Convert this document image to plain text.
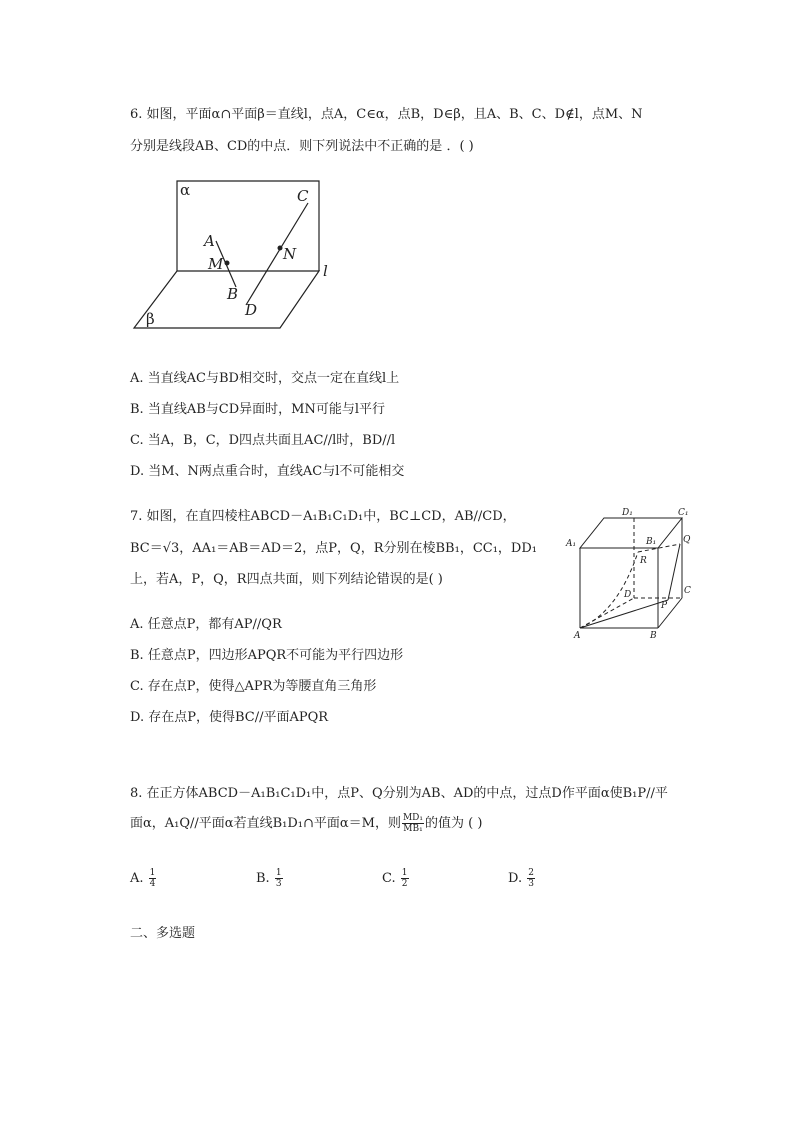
6. 如图，平面α∩平面β＝直线l，点A，C∈α，点B，D∈β，且A、B、C、D∉l，点M、N
分别是线段AB、CD的中点．则下列说法中不正确的是 ．( )
α
β
l
A
M
B
C
N
D
A. 当直线AC与BD相交时，交点一定在直线l上
B. 当直线AB与CD异面时，MN可能与l平行
C. 当A，B，C，D四点共面且AC//l时，BD//l
D. 当M、N两点重合时，直线AC与l不可能相交
7. 如图，在直四棱柱ABCD－A₁B₁C₁D₁中，BC⊥CD，AB//CD，
BC＝√3，AA₁＝AB＝AD＝2，点P，Q，R分别在棱BB₁，CC₁，DD₁
上，若A，P，Q，R四点共面，则下列结论错误的是( )
A	B
C
D
A₁	B₁
C₁
D₁
P
Q
R
A. 任意点P，都有AP//QR
B. 任意点P，四边形APQR不可能为平行四边形
C. 存在点P，使得△APR为等腰直角三角形
D. 存在点P，使得BC//平面APQR
8. 在正方体ABCD－A₁B₁C₁D₁中，点P、Q分别为AB、AD的中点，过点D作平面α使B₁P//平
面α，A₁Q//平面α若直线B₁D₁∩平面α＝M，则 $\frac{\text{MD₁}}{\text{MB₁}}$ 的值为 ( )
A. $\frac{1}{4}$	B. $\frac{1}{3}$	C. $\frac{1}{2}$	D. $\frac{2}{3}$
二、多选题
